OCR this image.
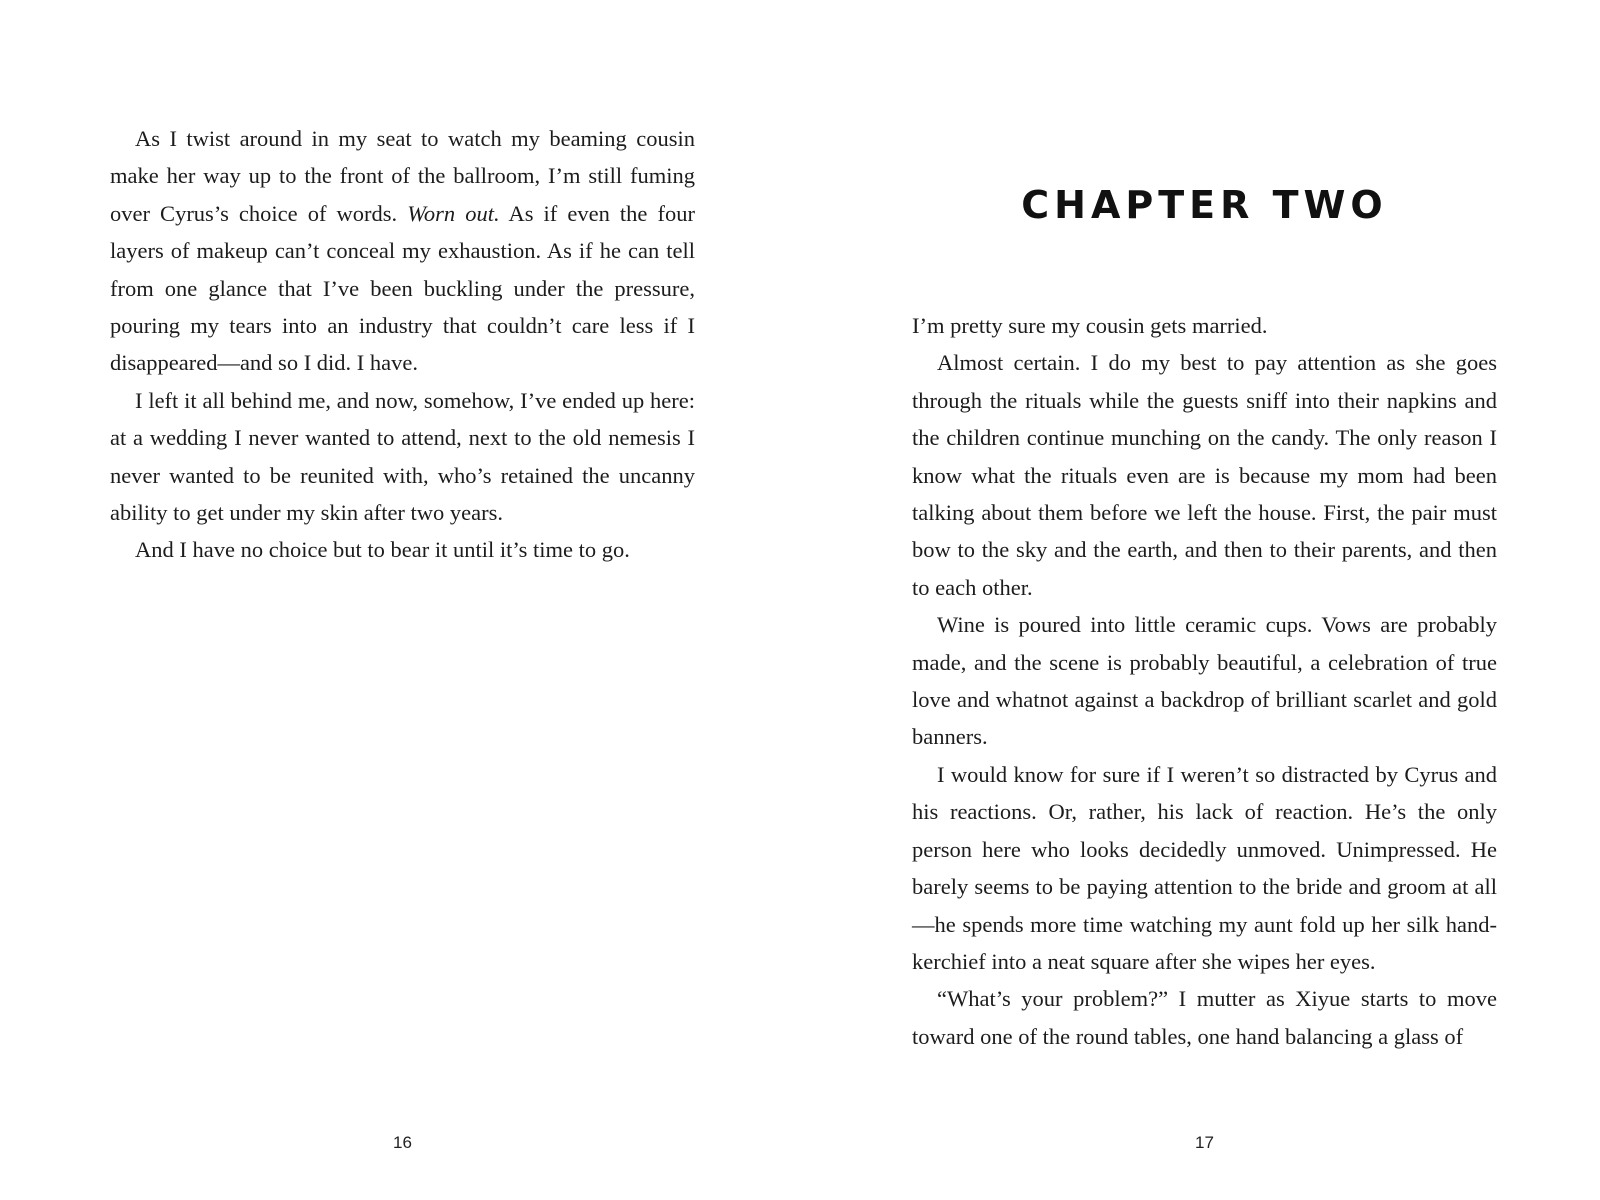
As I twist around in my seat to watch my beaming cousin make her way up to the front of the ballroom, I’m still fuming over Cyrus’s choice of words. Worn out. As if even the four layers of makeup can’t conceal my exhaustion. As if he can tell from one glance that I’ve been buckling under the pressure, pouring my tears into an industry that couldn’t care less if I disappeared—and so I did. I have.

I left it all behind me, and now, somehow, I’ve ended up here: at a wedding I never wanted to attend, next to the old nemesis I never wanted to be reunited with, who’s retained the uncanny ability to get under my skin after two years.

And I have no choice but to bear it until it’s time to go.

16
CHAPTER TWO

I’m pretty sure my cousin gets married.

Almost certain. I do my best to pay attention as she goes through the rituals while the guests sniff into their napkins and the children continue munching on the candy. The only reason I know what the rituals even are is because my mom had been talking about them before we left the house. First, the pair must bow to the sky and the earth, and then to their parents, and then to each other.

Wine is poured into little ceramic cups. Vows are probably made, and the scene is probably beautiful, a celebration of true love and whatnot against a backdrop of brilliant scarlet and gold banners.

I would know for sure if I weren’t so distracted by Cyrus and his reactions. Or, rather, his lack of reaction. He’s the only person here who looks decidedly unmoved. Unimpressed. He barely seems to be paying attention to the bride and groom at all—he spends more time watching my aunt fold up her silk handkerchief into a neat square after she wipes her eyes.

“What’s your problem?” I mutter as Xiyue starts to move toward one of the round tables, one hand balancing a glass of

17
